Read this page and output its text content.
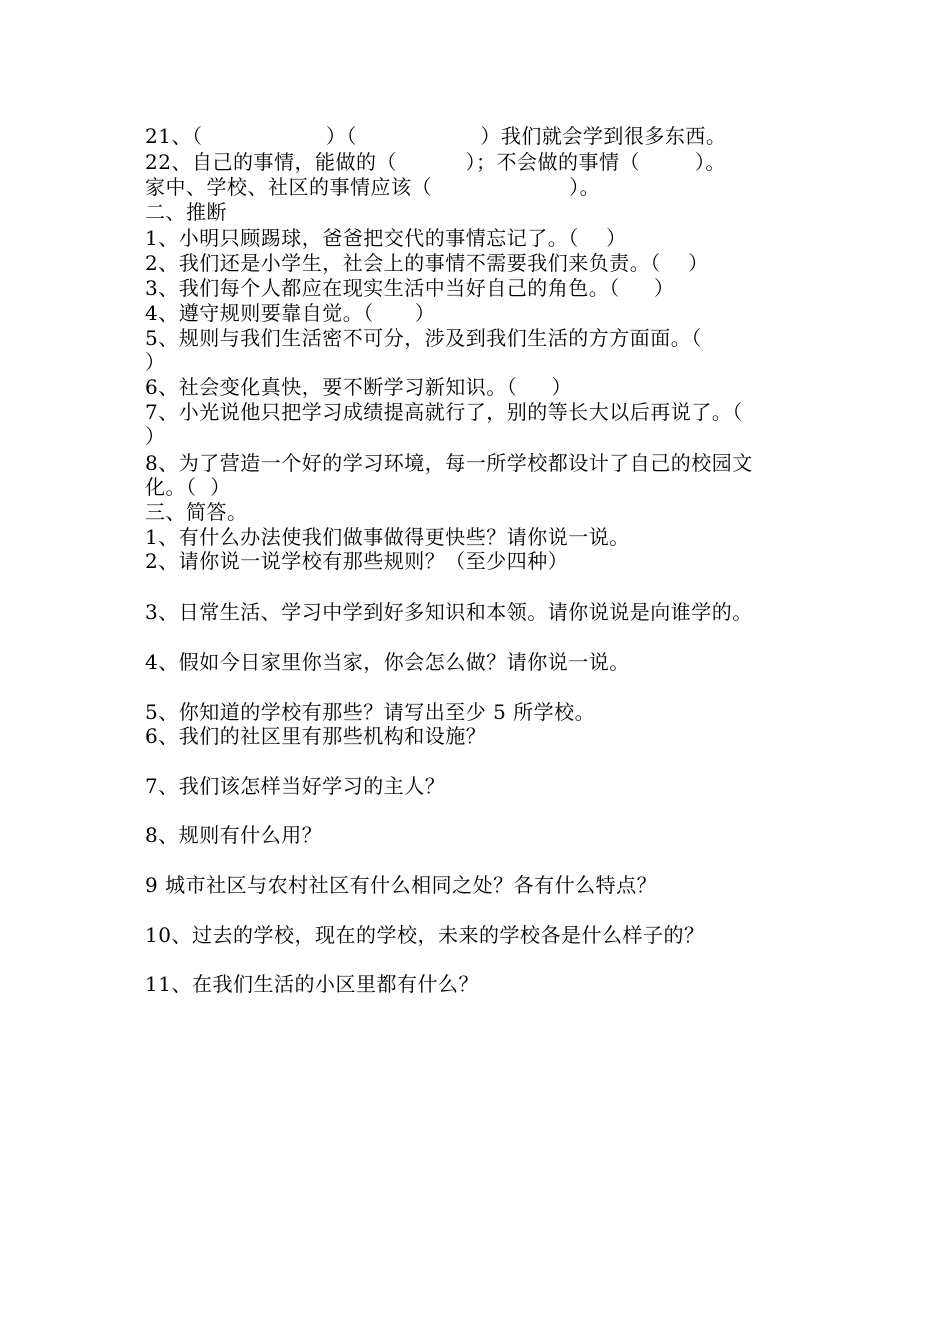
21、（                  ）（                  ）我们就会学到很多东西。
22、自己的事情，能做的（          ）；不会做的事情（        ）。
家中、学校、社区的事情应该（                    ）。
二、推断
1、小明只顾踢球，爸爸把交代的事情忘记了。（    ）
2、我们还是小学生，社会上的事情不需要我们来负责。（    ）
3、我们每个人都应在现实生活中当好自己的角色。（     ）
4、遵守规则要靠自觉。（      ）
5、规则与我们生活密不可分，涉及到我们生活的方方面面。（
）
6、社会变化真快，要不断学习新知识。（     ）
7、小光说他只把学习成绩提高就行了，别的等长大以后再说了。（
）
8、为了营造一个好的学习环境，每一所学校都设计了自己的校园文
化。（  ）
三、简答。
1、有什么办法使我们做事做得更快些？请你说一说。
2、请你说一说学校有那些规则？（至少四种）
3、日常生活、学习中学到好多知识和本领。请你说说是向谁学的。
4、假如今日家里你当家，你会怎么做？请你说一说。
5、你知道的学校有那些？请写出至少 5 所学校。
6、我们的社区里有那些机构和设施？
7、我们该怎样当好学习的主人？
8、规则有什么用？
9 城市社区与农村社区有什么相同之处？各有什么特点？
10、过去的学校，现在的学校，未来的学校各是什么样子的？
11、在我们生活的小区里都有什么？
